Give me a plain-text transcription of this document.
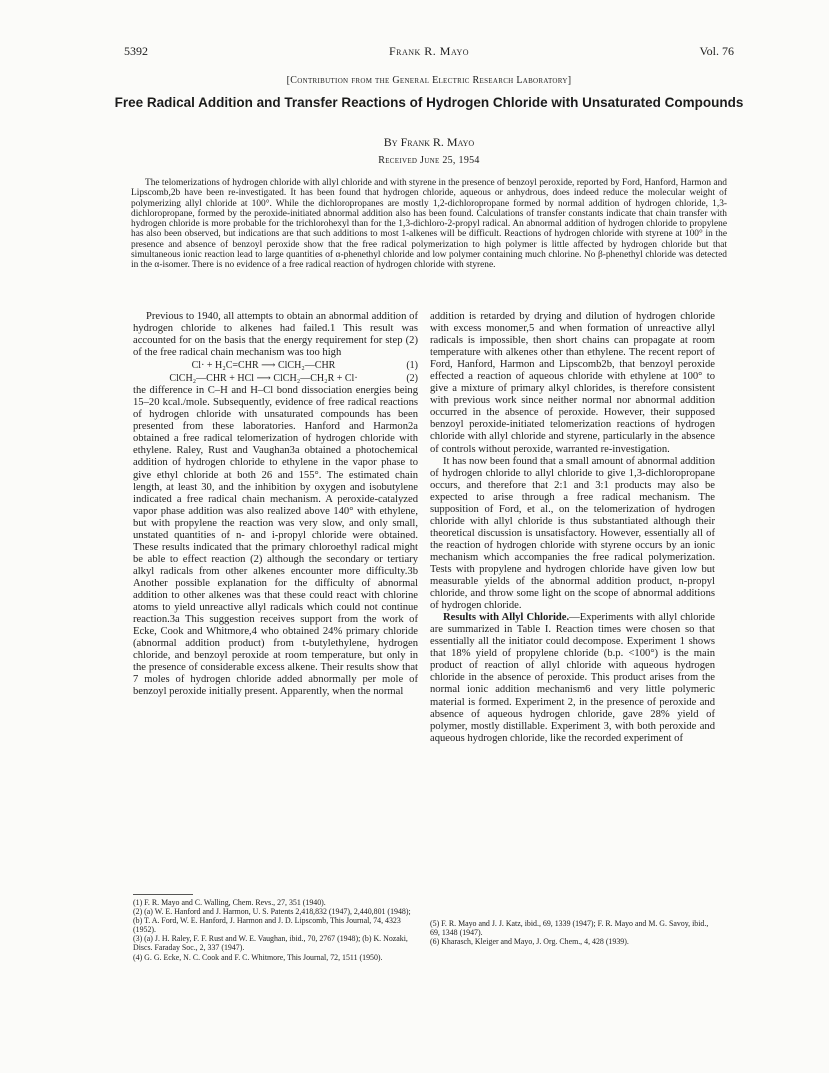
5392	Frank R. Mayo	Vol. 76
[Contribution from the General Electric Research Laboratory]
Free Radical Addition and Transfer Reactions of Hydrogen Chloride with Unsaturated Compounds
By Frank R. Mayo
Received June 25, 1954
The telomerizations of hydrogen chloride with allyl chloride and with styrene in the presence of benzoyl peroxide, reported by Ford, Hanford, Harmon and Lipscomb,2b have been re-investigated. It has been found that hydrogen chloride, aqueous or anhydrous, does indeed reduce the molecular weight of polymerizing allyl chloride at 100°. While the dichloropropanes are mostly 1,2-dichloropropane formed by normal addition of hydrogen chloride, 1,3-dichloropropane, formed by the peroxide-initiated abnormal addition also has been found. Calculations of transfer constants indicate that chain transfer with hydrogen chloride is more probable for the trichlorohexyl than for the 1,3-dichloro-2-propyl radical. An abnormal addition of hydrogen chloride to propylene has also been observed, but indications are that such additions to most 1-alkenes will be difficult. Reactions of hydrogen chloride with styrene at 100° in the presence and absence of benzoyl peroxide show that the free radical polymerization to high polymer is little affected by hydrogen chloride but that simultaneous ionic reaction lead to large quantities of α-phenethyl chloride and low polymer containing much chlorine. No β-phenethyl chloride was detected in the α-isomer. There is no evidence of a free radical reaction of hydrogen chloride with styrene.

Previous to 1940, all attempts to obtain an abnormal addition of hydrogen chloride to alkenes had failed.1 This result was accounted for on the basis that the energy requirement for step (2) of the free radical chain mechanism was too high

Cl· + H₂C=CHR ⟶ ClCH₂—CHR	(1)
ClCH₂—CHR + HCl ⟶ ClCH₂—CH₂R + Cl·	(2)

the difference in C–H and H–Cl bond dissociation energies being 15–20 kcal./mole. Subsequently, evidence of free radical reactions of hydrogen chloride with unsaturated compounds has been presented from these laboratories. Hanford and Harmon2a obtained a free radical telomerization of hydrogen chloride with ethylene. Raley, Rust and Vaughan3a obtained a photochemical addition of hydrogen chloride to ethylene in the vapor phase to give ethyl chloride at both 26 and 155°. The estimated chain length, at least 30, and the inhibition by oxygen and isobutylene indicated a free radical chain mechanism. A peroxide-catalyzed vapor phase addition was also realized above 140° with ethylene, but with propylene the reaction was very slow, and only small, unstated quantities of n- and i-propyl chloride were obtained. These results indicated that the primary chloroethyl radical might be able to effect reaction (2) although the secondary or tertiary alkyl radicals from other alkenes encounter more difficulty.3b Another possible explanation for the difficulty of abnormal addition to other alkenes was that these could react with chlorine atoms to yield unreactive allyl radicals which could not continue reaction.3a This suggestion receives support from the work of Ecke, Cook and Whitmore,4 who obtained 24% primary chloride (abnormal addition product) from t-butylethylene, hydrogen chloride, and benzoyl peroxide at room temperature, but only in the presence of considerable excess alkene. Their results show that 7 moles of hydrogen chloride added abnormally per mole of benzoyl peroxide initially present. Apparently, when the normal

addition is retarded by drying and dilution of hydrogen chloride with excess monomer,5 and when formation of unreactive allyl radicals is impossible, then short chains can propagate at room temperature with alkenes other than ethylene. The recent report of Ford, Hanford, Harmon and Lipscomb2b, that benzoyl peroxide effected a reaction of aqueous chloride with ethylene at 100° to give a mixture of primary alkyl chlorides, is therefore consistent with previous work since neither normal nor abnormal addition occurred in the absence of peroxide. However, their supposed benzoyl peroxide-initiated telomerization reactions of hydrogen chloride with allyl chloride and styrene, particularly in the absence of controls without peroxide, warranted re-investigation.

It has now been found that a small amount of abnormal addition of hydrogen chloride to allyl chloride to give 1,3-dichloropropane occurs, and therefore that 2:1 and 3:1 products may also be expected to arise through a free radical mechanism. The supposition of Ford, et al., on the telomerization of hydrogen chloride with allyl chloride is thus substantiated although their theoretical discussion is unsatisfactory. However, essentially all of the reaction of hydrogen chloride with styrene occurs by an ionic mechanism which accompanies the free radical polymerization. Tests with propylene and hydrogen chloride have given low but measurable yields of the abnormal addition product, n-propyl chloride, and throw some light on the scope of abnormal additions of hydrogen chloride.

Results with Allyl Chloride.—Experiments with allyl chloride are summarized in Table I. Reaction times were chosen so that essentially all the initiator could decompose. Experiment 1 shows that 18% yield of propylene chloride (b.p. <100°) is the main product of reaction of allyl chloride with aqueous hydrogen chloride in the absence of peroxide. This product arises from the normal ionic addition mechanism6 and very little polymeric material is formed. Experiment 2, in the presence of peroxide and absence of aqueous hydrogen chloride, gave 28% yield of polymer, mostly distillable. Experiment 3, with both peroxide and aqueous hydrogen chloride, like the recorded experiment of

(1) F. R. Mayo and C. Walling, Chem. Revs., 27, 351 (1940).

(2) (a) W. E. Hanford and J. Harmon, U. S. Patents 2,418,832 (1947), 2,440,801 (1948); (b) T. A. Ford, W. E. Hanford, J. Harmon and J. D. Lipscomb, This Journal, 74, 4323 (1952).

(3) (a) J. H. Raley, F. F. Rust and W. E. Vaughan, ibid., 70, 2767 (1948); (b) K. Nozaki, Discs. Faraday Soc., 2, 337 (1947).

(4) G. G. Ecke, N. C. Cook and F. C. Whitmore, This Journal, 72, 1511 (1950).

(5) F. R. Mayo and J. J. Katz, ibid., 69, 1339 (1947); F. R. Mayo and M. G. Savoy, ibid., 69, 1348 (1947).

(6) Kharasch, Kleiger and Mayo, J. Org. Chem., 4, 428 (1939).
